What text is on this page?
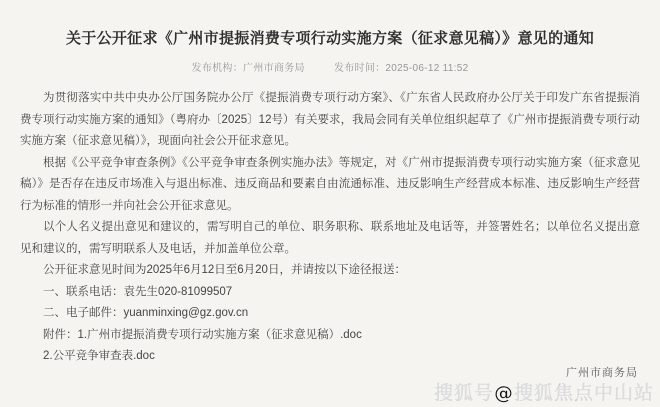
关于公开征求《广州市提振消费专项行动实施方案（征求意见稿）》意见的通知
发布机构：广州市商务局	发布时间：2025-06-12 11:52

为贯彻落实中共中央办公厅国务院办公厅《提振消费专项行动方案》、《广东省人民政府办公厅关于印发广东省提振消费专项行动实施方案的通知》（粤府办〔2025〕12号）有关要求，我局会同有关单位组织起草了《广州市提振消费专项行动实施方案（征求意见稿）》，现面向社会公开征求意见。

根据《公平竞争审查条例》《公平竞争审查条例实施办法》等规定，对《广州市提振消费专项行动实施方案（征求意见稿）》是否存在违反市场准入与退出标准、违反商品和要素自由流通标准、违反影响生产经营成本标准、违反影响生产经营行为标准的情形一并向社会公开征求意见。

以个人名义提出意见和建议的，需写明自己的单位、职务职称、联系地址及电话等，并签署姓名；以单位名义提出意见和建议的，需写明联系人及电话，并加盖单位公章。

公开征求意见时间为2025年6月12日至6月20日，并请按以下途径报送：

一、联系电话：袁先生020-81099507

二、电子邮件：yuanminxing@gz.gov.cn

附件：1.广州市提振消费专项行动实施方案（征求意见稿）.doc

2.公平竞争审查表.doc

广州市商务局
搜狐号@搜狐焦点中山站
